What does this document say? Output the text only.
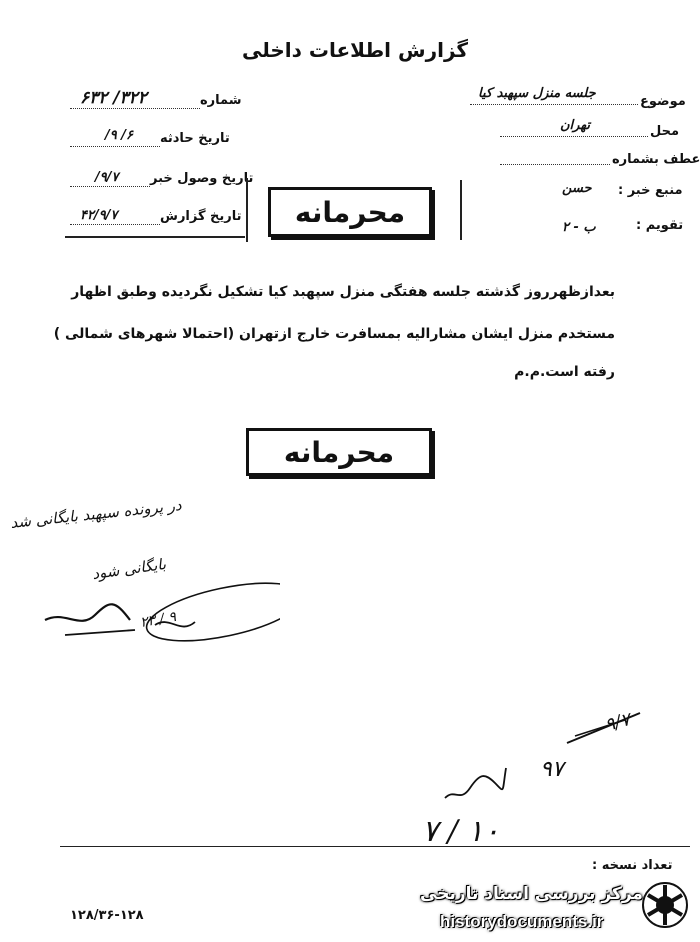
گزارش اطلاعات داخلی
شماره
۳۲۲/ ۶۳۲
تاریخ حادثه
۶/ ۹/
تاریخ وصول خبر
۹/۷/
تاریخ گزارش
۴۲/۹/۷	محرمانه
موضوع
جلسه منزل سپهبد کیا
محل
تهران
عطف بشماره
منبع خبر :
حسن
تقویم :
ب - ۲
بعدازظهرروز گذشته جلسه هفتگی منزل سپهبد کیا تشکیل نگردیده وطبق اظهار
مستخدم منزل ایشان مشارالیه بمسافرت خارج ازتهران (احتمالا شهرهای شمالی )
رفته است.م.م
محرمانه
در پرونده سپهبد بایگانی شد
بایگانی شود
۲۳ / ۹
۹/۷
۹۷
۷ / ۱۰
تعداد نسخه :
۱۲۸/۳۶-۱۲۸
مرکز بررسی اسناد تاریخی
historydocuments.ir
